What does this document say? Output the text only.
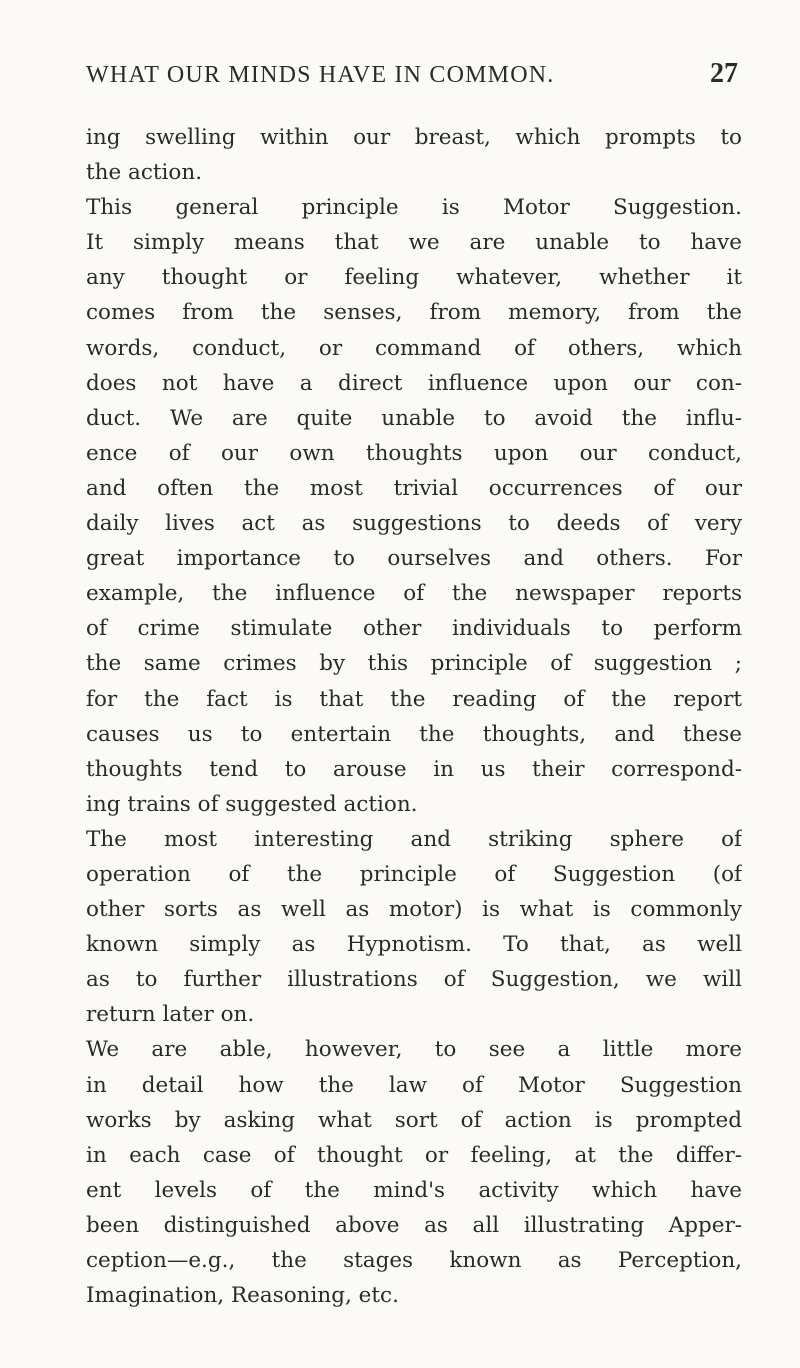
WHAT OUR MINDS HAVE IN COMMON.	27
ing swelling within our breast, which prompts to
the action.
This general principle is Motor Suggestion.
It simply means that we are unable to have
any thought or feeling whatever, whether it
comes from the senses, from memory, from the
words, conduct, or command of others, which
does not have a direct influence upon our con-
duct. We are quite unable to avoid the influ-
ence of our own thoughts upon our conduct,
and often the most trivial occurrences of our
daily lives act as suggestions to deeds of very
great importance to ourselves and others. For
example, the influence of the newspaper reports
of crime stimulate other individuals to perform
the same crimes by this principle of suggestion ;
for the fact is that the reading of the report
causes us to entertain the thoughts, and these
thoughts tend to arouse in us their correspond-
ing trains of suggested action.
The most interesting and striking sphere of
operation of the principle of Suggestion (of
other sorts as well as motor) is what is commonly
known simply as Hypnotism. To that, as well
as to further illustrations of Suggestion, we will
return later on.
We are able, however, to see a little more
in detail how the law of Motor Suggestion
works by asking what sort of action is prompted
in each case of thought or feeling, at the differ-
ent levels of the mind's activity which have
been distinguished above as all illustrating Apper-
ception—e.g., the stages known as Perception,
Imagination, Reasoning, etc.
